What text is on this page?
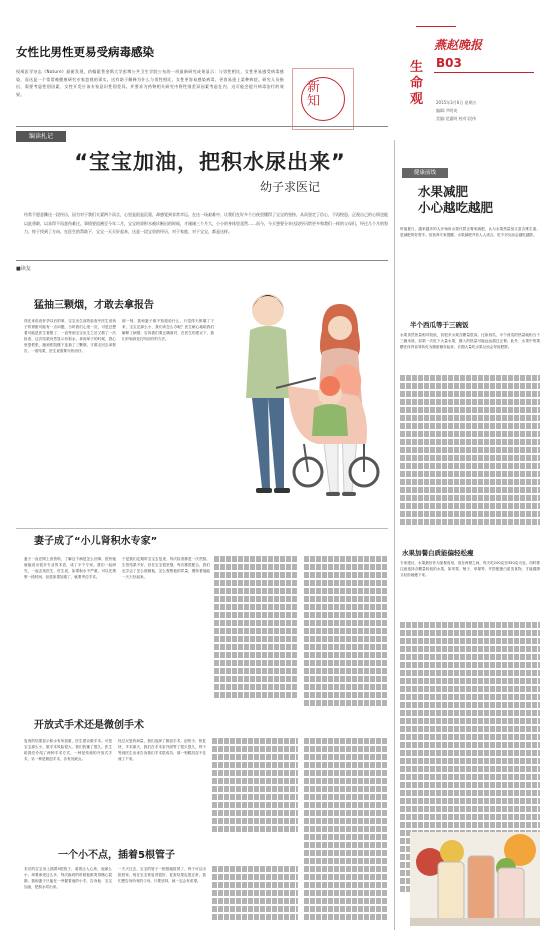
女性比男性更易受病毒感染
权威医学杂志《Nature》最新发现，约翰霍普金斯大学彭博公共卫生学院公布的一项最新研究成果显示：与男性相比，女性更易感受病毒感染，而这是一个常常被健康研究专家忽视的事实。这有助于解释为什么与男性相比，女性更容易感染病毒，更容易患上某种病症。研究人员指出，需要考虑性别因素，女性开发应该专家意识性别差异。并要求为药物相关研究中将性别差异因素考虑在内，这可能会提升病毒治疗的效果。	新知
生命观
燕赵晚报
B03
2015年3月6日 星期五
编辑:尹明英
美编:党惠明 校对:段伟
编读札记
“宝宝加油，把积水尿出来”
幼子求医记
经常不愿意撕这一段经历，因为对于我们夫妻两个而言，心里是很是沉重，却感觉到非常幸运。在这一场艰难中，让我们在好多个日夜里懂得了宝宝的坚持，从而坚定了信心，不再惶恐，正视自己的心情也能以此勇敢，以求得不再悲伤难过。事情要追溯至今年二月，宝宝的肾积水被诊断出的时候，才刚刚三个月大，小小的身体里竟然……而今，今天想要分享这段经历给更多和我们一样的父母们，经过几个月的努力，终于找到了方向，在医生的帮助下，宝宝一天天好起来，这是一段宝贵的经历，对于家庭，对于宝宝，都是这样。
■读友
猛抽三颗烟，才敢去拿报告
得先来说说怀孕以后的事，宝宝出生前的检查中医生说孩子的肾脏可能有一点问题，当时我们心里一沉，可是总想着可能是医生看错了，一直等到宝宝出生之后又做了一次检查，这次结果仍然显示有积水。拿到单子的时候，我心里很慌张，跑到医院楼下连抽了三颗烟，才敢走回去拿报告，一看结果，医生说需要尽快治疗。
那一刻，我和妻子都不知道说什么，只觉得天都塌了下来，宝宝还那么小，我们该怎么办呢？医生耐心地给我们解释了病情，告诉我们要正确面对，在医生的建议下，我们开始四处打听治疗的方法。
妻子成了“小儿肾积水专家”
妻子一直在网上查资料，了解这个病是怎么回事，很快她就能说出很多专业的术语，成了半个专家。我们一起研究，一起去找医生，医生说，如果积水不严重，可以先观察一段时间，但是如果加重了，就要考虑手术。
于是我们定期带宝宝去复查，每次检查都是一次煎熬，生怕结果不好，好在宝宝很坚强，每次都很配合，我们也学会了怎么照顾他，怎么观察他的尿量，期待着他能一天天好起来。
开放式手术还是微创手术
复查的结果显示积水有所加重，医生建议做手术。可是宝宝那么小，做手术风险很大，我们犹豫了很久。医生给我们介绍了两种手术方式，一种是传统的开放式手术，另一种是微创手术，各有优缺点。
经过反复的商量，我们选择了微创手术，创伤小，恢复快，手术那天，我们在手术室外面等了很久很久，终于等到医生出来告诉我们手术很成功，那一刻眼泪忍不住流了下来。
一个小不点，插着5根管子
术后的宝宝身上插着5根管子，看着让人心疼，他那么小，却要承受这么多，每次换药的时候他都哭得撕心裂肺，我和妻子只能在一旁握着他的小手，告诉他：宝宝加油，把积水尿出来。
一天天过去，宝宝的管子一根根地拔掉了，终于可以出院回家，现在宝宝恢复得很好，复查结果也很正常，我们想告诉所有的父母，只要坚持，就一定会有希望。
健康前线
水果减肥
小心越吃越肥
时值夏日，越来越多的人开始用水果代替正餐来减肥，认为水果热量低又富含维生素，是减肥的好帮手。但营养专家提醒，水果减肥并非人人适合，吃不对反而会越吃越胖。
半个西瓜等于三碗饭
水果虽然热量相对较低，但很多水果含糖量很高。比如西瓜，半个西瓜的热量就相当于三碗米饭，如果一次吃下大量水果，摄入的热量可能远远超过正餐。此外，水果中的果糖在体内容易转化为脂肪储存起来，长期大量吃水果反而会导致肥胖。
水果加餐白质能偏轻松瘦
专家建议，水果最好作为加餐食用，放在两餐之间，每天吃200克至350克为宜。同时要注意选择含糖量较低的水果，如苹果、柚子、草莓等，并搭配蛋白质类食物，才能健康又轻松地瘦下来。
